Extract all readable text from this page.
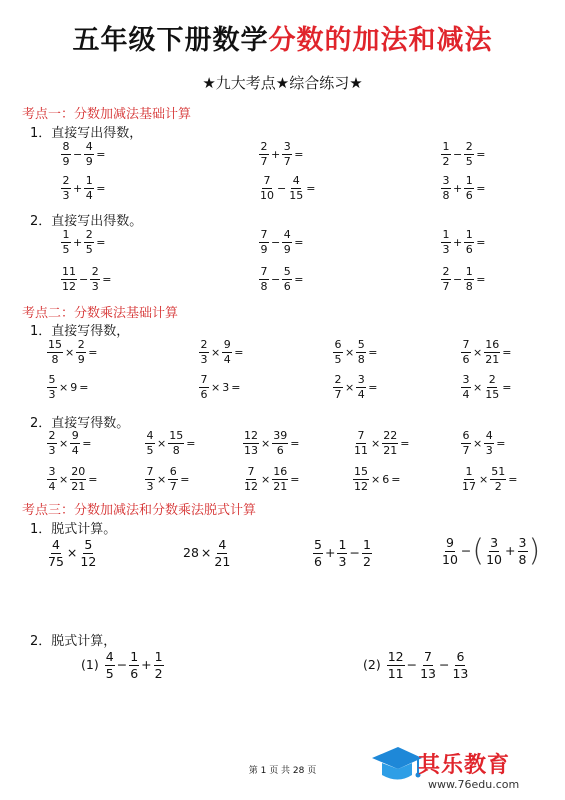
五年级下册数学分数的加法和减法
★九大考点★综合练习★
考点一：分数加减法基础计算
1．直接写出得数，
2．直接写出得数。
考点二：分数乘法基础计算
1．直接写得数，
2．直接写得数。
考点三：分数加减法和分数乘法脱式计算
1．脱式计算。
2．脱式计算，
$\frac{8}{9} - \frac{4}{9}$ =	$\frac{2}{7} + \frac{3}{7}$ =	$\frac{1}{2} - \frac{2}{5}$ =
$\frac{2}{3} + \frac{1}{4}$ =	$\frac{7}{10} - \frac{4}{15}$ =	$\frac{3}{8} + \frac{1}{6}$ =
$\frac{1}{5} + \frac{2}{5}$ =	$\frac{7}{9} - \frac{4}{9}$ =	$\frac{1}{3} + \frac{1}{6}$ =
$\frac{11}{12} - \frac{2}{3}$ =	$\frac{7}{8} - \frac{5}{6}$ =	$\frac{2}{7} - \frac{1}{8}$ =
$\frac{15}{8} \times \frac{2}{9}$ =	$\frac{2}{3} \times \frac{9}{4}$ =	$\frac{6}{5} \times \frac{5}{8}$ =	$\frac{7}{6} \times \frac{16}{21}$ =
$\frac{5}{3} \times 9$ =	$\frac{7}{6} \times 3$ =	$\frac{2}{7} \times \frac{3}{4}$ =	$\frac{3}{4} \times \frac{2}{15}$ =
$\frac{2}{3} \times \frac{9}{4}$ =	$\frac{4}{5} \times \frac{15}{8}$ =	$\frac{12}{13} \times \frac{39}{6}$ =	$\frac{7}{11} \times \frac{22}{21}$ =	$\frac{6}{7} \times \frac{4}{3}$ =
$\frac{3}{4} \times \frac{20}{21}$ =	$\frac{7}{3} \times \frac{6}{7}$ =	$\frac{7}{12} \times \frac{16}{21}$ =	$\frac{15}{12} \times 6$ =	$\frac{1}{17} \times \frac{51}{2}$ =
$\frac{4}{75} \times \frac{5}{12}$	$28 \times \frac{4}{21}$	$\frac{5}{6} + \frac{1}{3} - \frac{1}{2}$	$\frac{9}{10}$ −( $\frac{3}{10} + \frac{3}{8}$ )
$(1) \frac{4}{5} - \frac{1}{6} + \frac{1}{2}$	$(2) \frac{12}{11} - \frac{7}{13} - \frac{6}{13}$
第 1 页 共 28 页	其乐教育
www.76edu.com
